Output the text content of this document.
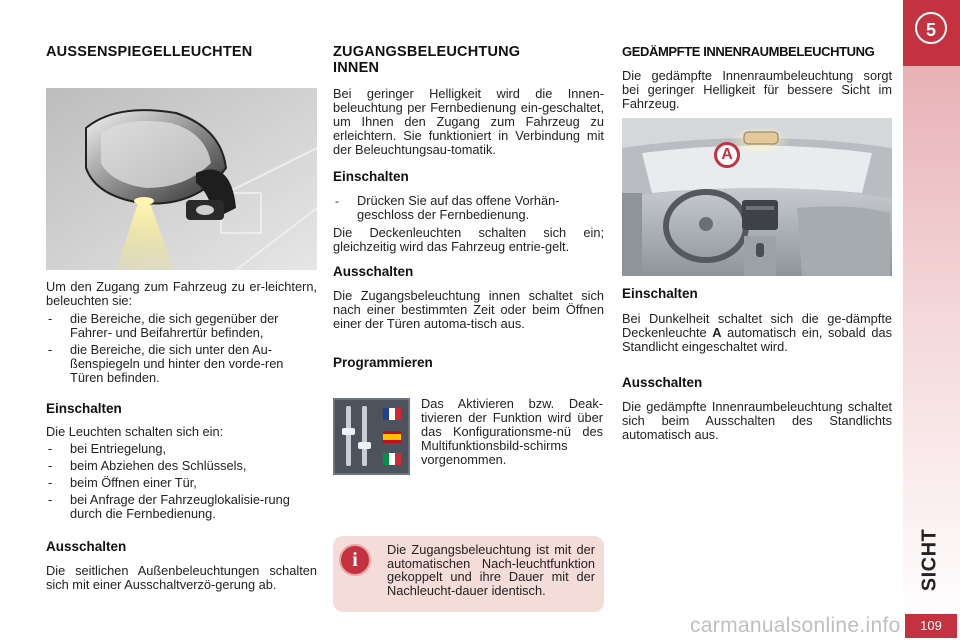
5
SICHT
109
carmanualsonline.info
AUSSENSPIEGELLEUCHTEN

Um den Zugang zum Fahrzeug zu er-leichtern, beleuchten sie:

- die Bereiche, die sich gegenüber der Fahrer- und Beifahrertür befinden,
- die Bereiche, die sich unter den Au-ßenspiegeln und hinter den vorde-ren Türen befinden.
Einschalten

Die Leuchten schalten sich ein:

- bei Entriegelung,
- beim Abziehen des Schlüssels,
- beim Öffnen einer Tür,
- bei Anfrage der Fahrzeuglokalisie-rung durch die Fernbedienung.
Ausschalten

Die seitlichen Außenbeleuchtungen schalten sich mit einer Ausschaltverzö-gerung ab.

ZUGANGSBELEUCHTUNG
INNEN

Bei geringer Helligkeit wird die Innen-beleuchtung per Fernbedienung ein-geschaltet, um Ihnen den Zugang zum Fahrzeug zu erleichtern. Sie funktioniert in Verbindung mit der Beleuchtungsau-tomatik.

Einschalten
- Drücken Sie auf das offene Vorhän-geschloss der Fernbedienung.

Die Deckenleuchten schalten sich ein; gleichzeitig wird das Fahrzeug entrie-gelt.

Ausschalten

Die Zugangsbeleuchtung innen schaltet sich nach einer bestimmten Zeit oder beim Öffnen einer der Türen automa-tisch aus.

Programmieren

Das Aktivieren bzw. Deak-tivieren der Funktion wird über das Konfigurationsme-nü des Multifunktionsbild-schirms vorgenommen.

i	Die Zugangsbeleuchtung ist mit der automatischen Nach-leuchtfunktion gekoppelt und ihre Dauer mit der Nachleucht-dauer identisch.

GEDÄMPFTE INNENRAUMBELEUCHTUNG

Die gedämpfte Innenraumbeleuchtung sorgt bei geringer Helligkeit für bessere Sicht im Fahrzeug.

A
Einschalten

Bei Dunkelheit schaltet sich die ge-dämpfte Deckenleuchte A automatisch ein, sobald das Standlicht eingeschaltet wird.

Ausschalten

Die gedämpfte Innenraumbeleuchtung schaltet sich beim Ausschalten des Standlichts automatisch aus.
